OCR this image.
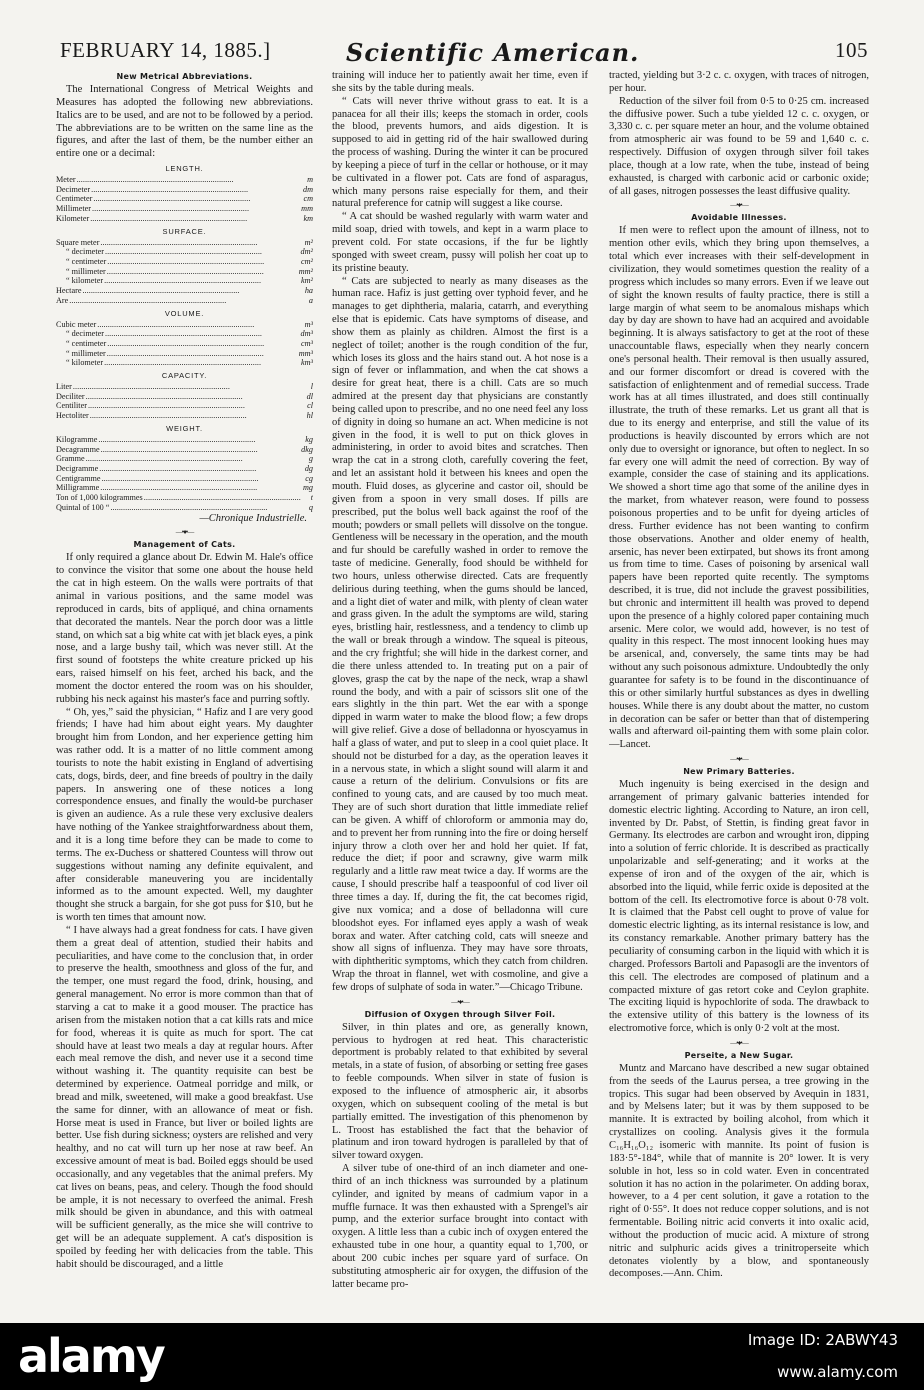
FEBRUARY 14, 1885.]	Scientific American.	105
New Metrical Abbreviations.

The International Congress of Metrical Weights and Measures has adopted the following new abbreviations. Italics are to be used, and are not to be followed by a period. The abbreviations are to be written on the same line as the figures, and after the last of them, be the number either an entire one or a decimal:

LENGTH.
Meter . . .	m
Decimeter . . .	dm
Centimeter . . .	cm
Millimeter . . .	mm
Kilometer . . .	km
SURFACE.
Square meter . . .	m²
“ decimeter . . .	dm²
“ centimeter . . .	cm²
“ millimeter . . .	mm²
“ kilometer . . .	km²
Hectare . . .	ha
Are . . .	a
VOLUME.
Cubic meter . . .	m³
“ decimeter . . .	dm³
“ centimeter . . .	cm³
“ millimeter . . .	mm³
“ kilometer . . .	km³
CAPACITY.
Liter . . .	l
Deciliter . . .	dl
Centiliter . . .	cl
Hectoliter . . .	hl
WEIGHT.
Kilogramme . . .	kg
Decagramme . . .	dkg
Gramme . . .	g
Decigramme . . .	dg
Centigramme . . .	cg
Milligramme . . .	mg
Ton of 1,000 kilogrammes . . .	t
Quintal of 100 “ . . .	q
—Chronique Industrielle.
—•♦•—
Management of Cats.

If only required a glance about Dr. Edwin M. Hale's office to convince the visitor that some one about the house held the cat in high esteem. On the walls were portraits of that animal in various positions, and the same model was reproduced in cards, bits of appliqué, and china ornaments that decorated the mantels. Near the porch door was a little stand, on which sat a big white cat with jet black eyes, a pink nose, and a large bushy tail, which was never still. At the first sound of footsteps the white creature pricked up his ears, raised himself on his feet, arched his back, and the moment the doctor entered the room was on his shoulder, rubbing his neck against his master's face and purring softly.

“ Oh, yes,” said the physician, “ Hafiz and I are very good friends; I have had him about eight years. My daughter brought him from London, and her experience getting him was rather odd. It is a matter of no little comment among tourists to note the habit existing in England of advertising cats, dogs, birds, deer, and fine breeds of poultry in the daily papers. In answering one of these notices a long correspondence ensues, and finally the would-be purchaser is given an audience. As a rule these very exclusive dealers have nothing of the Yankee straightforwardness about them, and it is a long time before they can be made to come to terms. The ex-Duchess or shattered Countess will throw out suggestions without naming any definite equivalent, and after considerable maneuvering you are incidentally informed as to the amount expected. Well, my daughter thought she struck a bargain, for she got puss for $10, but he is worth ten times that amount now.

“ I have always had a great fondness for cats. I have given them a great deal of attention, studied their habits and peculiarities, and have come to the conclusion that, in order to preserve the health, smoothness and gloss of the fur, and the temper, one must regard the food, drink, housing, and general management. No error is more common than that of starving a cat to make it a good mouser. The practice has arisen from the mistaken notion that a cat kills rats and mice for food, whereas it is quite as much for sport. The cat should have at least two meals a day at regular hours. After each meal remove the dish, and never use it a second time without washing it. The quantity requisite can best be determined by experience. Oatmeal porridge and milk, or bread and milk, sweetened, will make a good breakfast. Use the same for dinner, with an allowance of meat or fish. Horse meat is used in France, but liver or boiled lights are better. Use fish during sickness; oysters are relished and very healthy, and no cat will turn up her nose at raw beef. An excessive amount of meat is bad. Boiled eggs should be used occasionally, and any vegetables that the animal prefers. My cat lives on beans, peas, and celery. Though the food should be ample, it is not necessary to overfeed the animal. Fresh milk should be given in abundance, and this with oatmeal will be sufficient generally, as the mice she will contrive to get will be an adequate supplement. A cat's disposition is spoiled by feeding her with delicacies from the table. This habit should be discouraged, and a little

training will induce her to patiently await her time, even if she sits by the table during meals.

“ Cats will never thrive without grass to eat. It is a panacea for all their ills; keeps the stomach in order, cools the blood, prevents humors, and aids digestion. It is supposed to aid in getting rid of the hair swallowed during the process of washing. During the winter it can be procured by keeping a piece of turf in the cellar or hothouse, or it may be cultivated in a flower pot. Cats are fond of asparagus, which many persons raise especially for them, and their natural preference for catnip will suggest a like course.

“ A cat should be washed regularly with warm water and mild soap, dried with towels, and kept in a warm place to prevent cold. For state occasions, if the fur be lightly sponged with sweet cream, pussy will polish her coat up to its pristine beauty.

“ Cats are subjected to nearly as many diseases as the human race. Hafiz is just getting over typhoid fever, and he manages to get diphtheria, malaria, catarrh, and everything else that is epidemic. Cats have symptoms of disease, and show them as plainly as children. Almost the first is a neglect of toilet; another is the rough condition of the fur, which loses its gloss and the hairs stand out. A hot nose is a sign of fever or inflammation, and when the cat shows a desire for great heat, there is a chill. Cats are so much admired at the present day that physicians are constantly being called upon to prescribe, and no one need feel any loss of dignity in doing so humane an act. When medicine is not given in the food, it is well to put on thick gloves in administering, in order to avoid bites and scratches. Then wrap the cat in a strong cloth, carefully covering the feet, and let an assistant hold it between his knees and open the mouth. Fluid doses, as glycerine and castor oil, should be given from a spoon in very small doses. If pills are prescribed, put the bolus well back against the roof of the mouth; powders or small pellets will dissolve on the tongue. Gentleness will be necessary in the operation, and the mouth and fur should be carefully washed in order to remove the taste of medicine. Generally, food should be withheld for two hours, unless otherwise directed. Cats are frequently delirious during teething, when the gums should be lanced, and a light diet of water and milk, with plenty of clean water and grass given. In the adult the symptoms are wild, staring eyes, bristling hair, restlessness, and a tendency to climb up the wall or break through a window. The squeal is piteous, and the cry frightful; she will hide in the darkest corner, and die there unless attended to. In treating put on a pair of gloves, grasp the cat by the nape of the neck, wrap a shawl round the body, and with a pair of scissors slit one of the ears slightly in the thin part. Wet the ear with a sponge dipped in warm water to make the blood flow; a few drops will give relief. Give a dose of belladonna or hyoscyamus in half a glass of water, and put to sleep in a cool quiet place. It should not be disturbed for a day, as the operation leaves it in a nervous state, in which a slight sound will alarm it and cause a return of the delirium. Convulsions or fits are confined to young cats, and are caused by too much meat. They are of such short duration that little immediate relief can be given. A whiff of chloroform or ammonia may do, and to prevent her from running into the fire or doing herself injury throw a cloth over her and hold her quiet. If fat, reduce the diet; if poor and scrawny, give warm milk regularly and a little raw meat twice a day. If worms are the cause, I should prescribe half a teaspoonful of cod liver oil three times a day. If, during the fit, the cat becomes rigid, give nux vomica; and a dose of belladonna will cure bloodshot eyes. For inflamed eyes apply a wash of weak borax and water. After catching cold, cats will sneeze and show all signs of influenza. They may have sore throats, with diphtheritic symptoms, which they catch from children. Wrap the throat in flannel, wet with cosmoline, and give a few drops of sulphate of soda in water.”—Chicago Tribune.

—•♦•—
Diffusion of Oxygen through Silver Foil.

Silver, in thin plates and ore, as generally known, pervious to hydrogen at red heat. This characteristic deportment is probably related to that exhibited by several metals, in a state of fusion, of absorbing or setting free gases to feeble compounds. When silver in state of fusion is exposed to the influence of atmospheric air, it absorbs oxygen, which on subsequent cooling of the metal is but partially emitted. The investigation of this phenomenon by L. Troost has established the fact that the behavior of platinum and iron toward hydrogen is paralleled by that of silver toward oxygen.

A silver tube of one-third of an inch diameter and one-third of an inch thickness was surrounded by a platinum cylinder, and ignited by means of cadmium vapor in a muffle furnace. It was then exhausted with a Sprengel's air pump, and the exterior surface brought into contact with oxygen. A little less than a cubic inch of oxygen entered the exhausted tube in one hour, a quantity equal to 1,700, or about 200 cubic inches per square yard of surface. On substituting atmospheric air for oxygen, the diffusion of the latter became pro-

tracted, yielding but 3·2 c. c. oxygen, with traces of nitrogen, per hour.

Reduction of the silver foil from 0·5 to 0·25 cm. increased the diffusive power. Such a tube yielded 12 c. c. oxygen, or 3,330 c. c. per square meter an hour, and the volume obtained from atmospheric air was found to be 59 and 1,640 c. c. respectively. Diffusion of oxygen through silver foil takes place, though at a low rate, when the tube, instead of being exhausted, is charged with carbonic acid or carbonic oxide; of all gases, nitrogen possesses the least diffusive quality.

—•♦•—
Avoidable Illnesses.

If men were to reflect upon the amount of illness, not to mention other evils, which they bring upon themselves, a total which ever increases with their self-development in civilization, they would sometimes question the reality of a progress which includes so many errors. Even if we leave out of sight the known results of faulty practice, there is still a large margin of what seem to be anomalous mishaps which day by day are shown to have had an acquired and avoidable beginning. It is always satisfactory to get at the root of these unaccountable flaws, especially when they nearly concern one's personal health. Their removal is then usually assured, and our former discomfort or dread is covered with the satisfaction of enlightenment and of remedial success. Trade work has at all times illustrated, and does still continually illustrate, the truth of these remarks. Let us grant all that is due to its energy and enterprise, and still the value of its productions is heavily discounted by errors which are not only due to oversight or ignorance, but often to neglect. In so far every one will admit the need of correction. By way of example, consider the case of staining and its applications. We showed a short time ago that some of the aniline dyes in the market, from whatever reason, were found to possess poisonous properties and to be unfit for dyeing articles of dress. Further evidence has not been wanting to confirm those observations. Another and older enemy of health, arsenic, has never been extirpated, but shows its front among us from time to time. Cases of poisoning by arsenical wall papers have been reported quite recently. The symptoms described, it is true, did not include the gravest possibilities, but chronic and intermittent ill health was proved to depend upon the presence of a highly colored paper containing much arsenic. Mere color, we would add, however, is no test of quality in this respect. The most innocent looking hues may be arsenical, and, conversely, the same tints may be had without any such poisonous admixture. Undoubtedly the only guarantee for safety is to be found in the discontinuance of this or other similarly hurtful substances as dyes in dwelling houses. While there is any doubt about the matter, no custom in decoration can be safer or better than that of distempering walls and afterward oil-painting them with some plain color.—Lancet.

—•♦•—
New Primary Batteries.

Much ingenuity is being exercised in the design and arrangement of primary galvanic batteries intended for domestic electric lighting. According to Nature, an iron cell, invented by Dr. Pabst, of Stettin, is finding great favor in Germany. Its electrodes are carbon and wrought iron, dipping into a solution of ferric chloride. It is described as practically unpolarizable and self-generating; and it works at the expense of iron and of the oxygen of the air, which is absorbed into the liquid, while ferric oxide is deposited at the bottom of the cell. Its electromotive force is about 0·78 volt. It is claimed that the Pabst cell ought to prove of value for domestic electric lighting, as its internal resistance is low, and its constancy remarkable. Another primary battery has the peculiarity of consuming carbon in the liquid with which it is charged. Professors Bartoli and Papasogli are the inventors of this cell. The electrodes are composed of platinum and a compacted mixture of gas retort coke and Ceylon graphite. The exciting liquid is hypochlorite of soda. The drawback to the extensive utility of this battery is the lowness of its electromotive force, which is only 0·2 volt at the most.

—•♦•—
Perseite, a New Sugar.

Muntz and Marcano have described a new sugar obtained from the seeds of the Laurus persea, a tree growing in the tropics. This sugar had been observed by Avequin in 1831, and by Melsens later; but it was by them supposed to be mannite. It is extracted by boiling alcohol, from which it crystallizes on cooling. Analysis gives it the formula C₁₆H₁₆O₁₂ isomeric with mannite. Its point of fusion is 183·5°-184°, while that of mannite is 20° lower. It is very soluble in hot, less so in cold water. Even in concentrated solution it has no action in the polarimeter. On adding borax, however, to a 4 per cent solution, it gave a rotation to the right of 0·55°. It does not reduce copper solutions, and is not fermentable. Boiling nitric acid converts it into oxalic acid, without the production of mucic acid. A mixture of strong nitric and sulphuric acids gives a trinitroperseite which detonates violently by a blow, and spontaneously decomposes.—Ann. Chim.

alamy	Image ID: 2ABWY43
www.alamy.com
